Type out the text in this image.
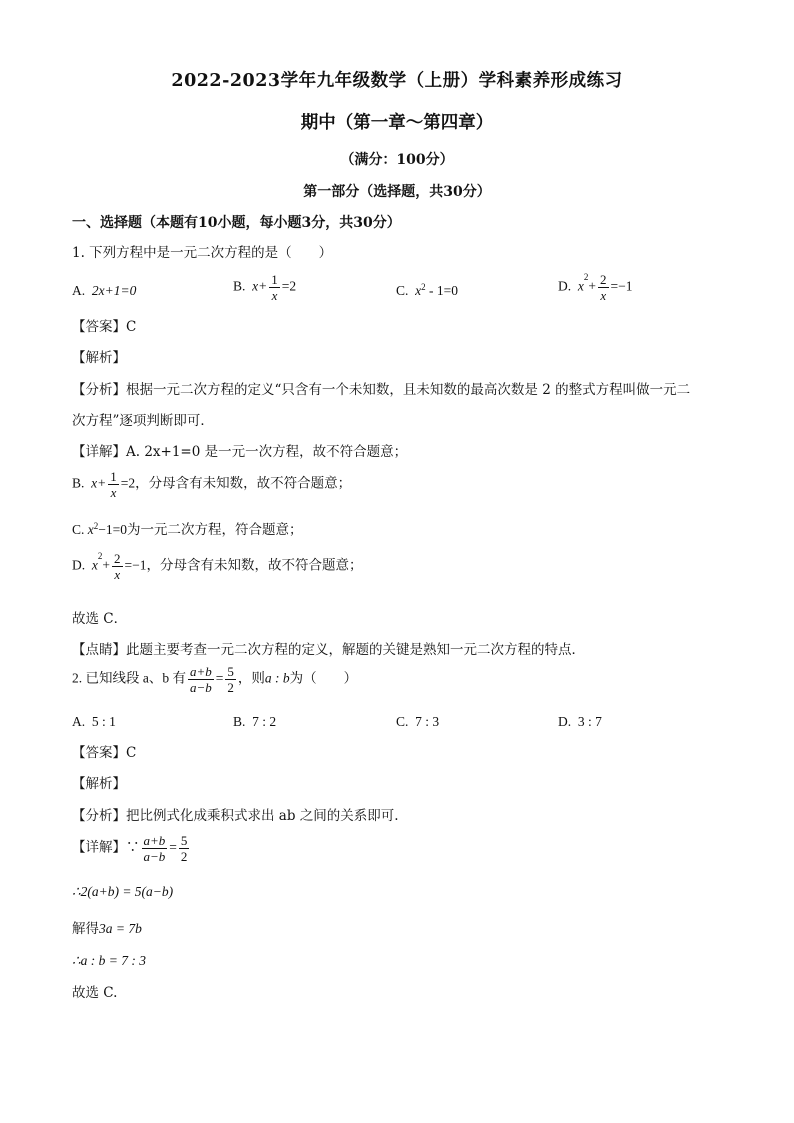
2022-2023学年九年级数学（上册）学科素养形成练习
期中（第一章～第四章）
（满分：100分）
第一部分（选择题，共30分）
一、选择题（本题有10小题，每小题3分，共30分）
1. 下列方程中是一元二次方程的是（　　）
A. 2x+1=0	B. $x+ \frac{1}{x} =2$	C. $x^2 - 1=0$	D. $x^2+ \frac{2}{x} =-1$
【答案】C
【解析】
【分析】根据一元二次方程的定义“只含有一个未知数，且未知数的最高次数是 2 的整式方程叫做一元二
次方程”逐项判断即可．
【详解】A. 2x+1=0 是一元一次方程，故不符合题意；
B. $x+ \frac{1}{x} =2$，分母含有未知数，故不符合题意；
C. $x^2-1=0$为一元二次方程，符合题意；
D. $x^2+ \frac{2}{x} =-1$，分母含有未知数，故不符合题意；
故选 C．
【点睛】此题主要考查一元二次方程的定义，解题的关键是熟知一元二次方程的特点．
2. 已知线段 a、b 有 $\frac{a+b}{a-b} = \frac{5}{2}$ ，则a : b为（　　）
A. 5 : 1	B. 7 : 2	C. 7 : 3	D. 3 : 7
【答案】C
【解析】
【分析】把比例式化成乘积式求出 ab 之间的关系即可.
【详解】∵ $\frac{a+b}{a-b} = \frac{5}{2}$
∴2(a+b) = 5(a−b)
解得3a = 7b
∴a : b = 7 : 3
故选 C.
